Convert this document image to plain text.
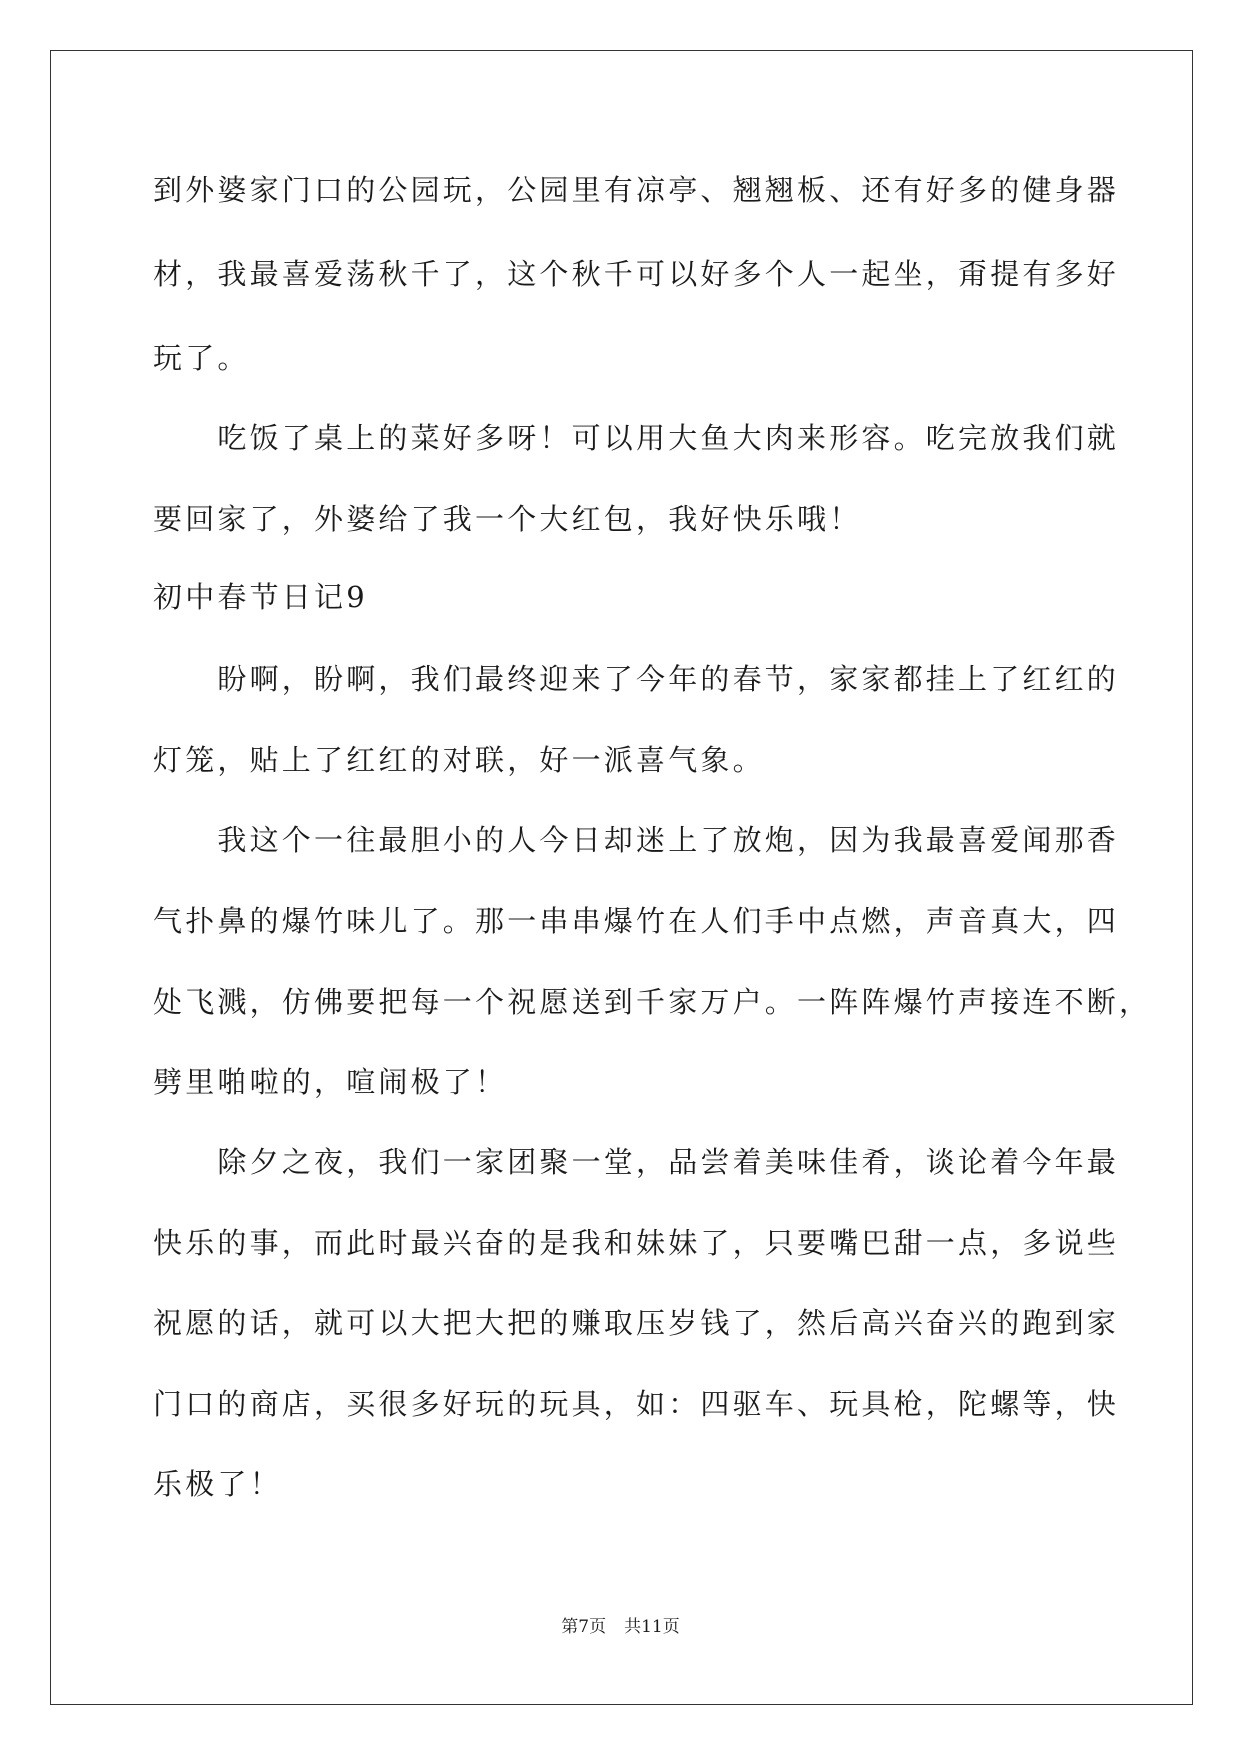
到外婆家门口的公园玩，公园里有凉亭、翘翘板、还有好多的健身器

材，我最喜爱荡秋千了，这个秋千可以好多个人一起坐，甭提有多好

玩了。

　　吃饭了桌上的菜好多呀！可以用大鱼大肉来形容。吃完放我们就

要回家了，外婆给了我一个大红包，我好快乐哦！

初中春节日记9

　　盼啊，盼啊，我们最终迎来了今年的春节，家家都挂上了红红的

灯笼，贴上了红红的对联，好一派喜气象。

　　我这个一往最胆小的人今日却迷上了放炮，因为我最喜爱闻那香

气扑鼻的爆竹味儿了。那一串串爆竹在人们手中点燃，声音真大，四

处飞溅，仿佛要把每一个祝愿送到千家万户。一阵阵爆竹声接连不断，

劈里啪啦的，喧闹极了！

　　除夕之夜，我们一家团聚一堂，品尝着美味佳肴，谈论着今年最

快乐的事，而此时最兴奋的是我和妹妹了，只要嘴巴甜一点，多说些

祝愿的话，就可以大把大把的赚取压岁钱了，然后高兴奋兴的跑到家

门口的商店，买很多好玩的玩具，如：四驱车、玩具枪，陀螺等，快

乐极了！

第7页 共11页
